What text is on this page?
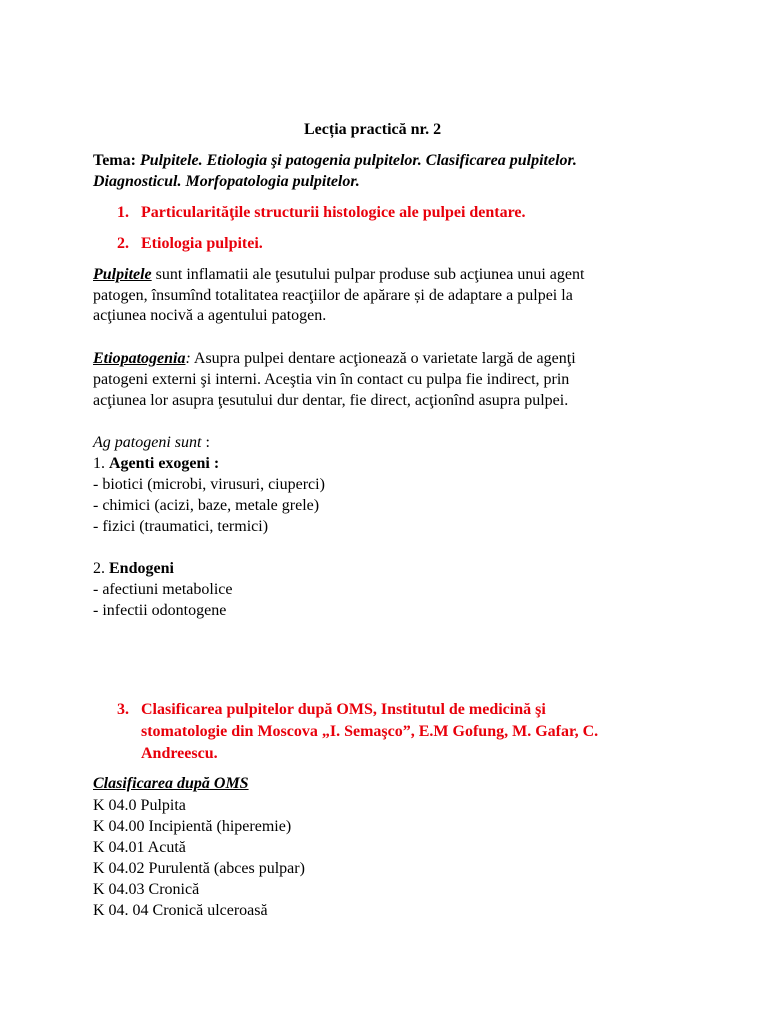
Lecția practică nr. 2
Tema: Pulpitele. Etiologia şi patogenia pulpitelor. Clasificarea pulpitelor.
Diagnosticul. Morfopatologia pulpitelor.
1. Particularităţile structurii histologice ale pulpei dentare.
2. Etiologia pulpitei.
Pulpitele sunt inflamatii ale ţesutului pulpar produse sub acţiunea unui agent
patogen, însumînd totalitatea reacţiilor de apărare și de adaptare a pulpei la
acţiunea nocivă a agentului patogen.
Etiopatogenia: Asupra pulpei dentare acţionează o varietate largă de agenţi
patogeni externi şi interni. Aceştia vin în contact cu pulpa fie indirect, prin
acţiunea lor asupra ţesutului dur dentar, fie direct, acţionînd asupra pulpei.
Ag patogeni sunt :
1. Agenti exogeni :
- biotici (microbi, virusuri, ciuperci)
- chimici (acizi, baze, metale grele)
- fizici (traumatici, termici)
2. Endogeni
- afectiuni metabolice
- infectii odontogene
3. Clasificarea pulpitelor după OMS, Institutul de medicină şi
stomatologie din Moscova „I. Semaşco”, E.M Gofung, M. Gafar, C.
Andreescu.
Clasificarea după OMS
K 04.0 Pulpita
K 04.00 Incipientă (hiperemie)
K 04.01 Acută
K 04.02 Purulentă (abces pulpar)
K 04.03 Cronică
K 04. 04 Cronică ulceroasă
